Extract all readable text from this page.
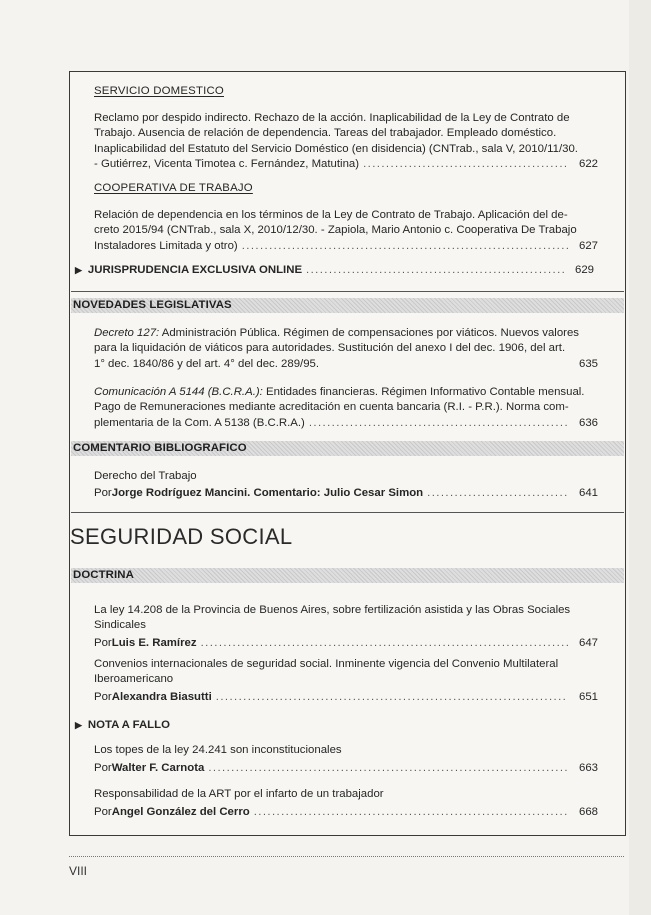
SERVICIO DOMESTICO
Reclamo por despido indirecto. Rechazo de la acción. Inaplicabilidad de la Ley de Contrato de
Trabajo. Ausencia de relación de dependencia. Tareas del trabajador. Empleado doméstico.
Inaplicabilidad del Estatuto del Servicio Doméstico (en disidencia) (CNTrab., sala V, 2010/11/30.
- Gutiérrez, Vicenta Timotea c. Fernández, Matutina) .....	622
COOPERATIVA DE TRABAJO
Relación de dependencia en los términos de la Ley de Contrato de Trabajo. Aplicación del de-
creto 2015/94 (CNTrab., sala X, 2010/12/30. - Zapiola, Mario Antonio c. Cooperativa De Trabajo
Instaladores Limitada y otro) .....	627
▶ JURISPRUDENCIA EXCLUSIVA ONLINE .....	629
NOVEDADES LEGISLATIVAS
Decreto 127: Administración Pública. Régimen de compensaciones por viáticos. Nuevos valores
para la liquidación de viáticos para autoridades. Sustitución del anexo I del dec. 1906, del art.
1° dec. 1840/86 y del art. 4° del dec. 289/95.	635
Comunicación A 5144 (B.C.R.A.): Entidades financieras. Régimen Informativo Contable mensual.
Pago de Remuneraciones mediante acreditación en cuenta bancaria (R.I. - P.R.). Norma com-
plementaria de la Com. A 5138 (B.C.R.A.) .....	636
COMENTARIO BIBLIOGRAFICO
Derecho del Trabajo
Por Jorge Rodríguez Mancini. Comentario: Julio Cesar Simon .....	641
SEGURIDAD SOCIAL
DOCTRINA
La ley 14.208 de la Provincia de Buenos Aires, sobre fertilización asistida y las Obras Sociales
Sindicales
Por Luis E. Ramírez .....	647
Convenios internacionales de seguridad social. Inminente vigencia del Convenio Multilateral
Iberoamericano
Por Alexandra Biasutti .....	651
▶ NOTA A FALLO
Los topes de la ley 24.241 son inconstitucionales
Por Walter F. Carnota .....	663
Responsabilidad de la ART por el infarto de un trabajador
Por Angel González del Cerro .....	668
VIII
